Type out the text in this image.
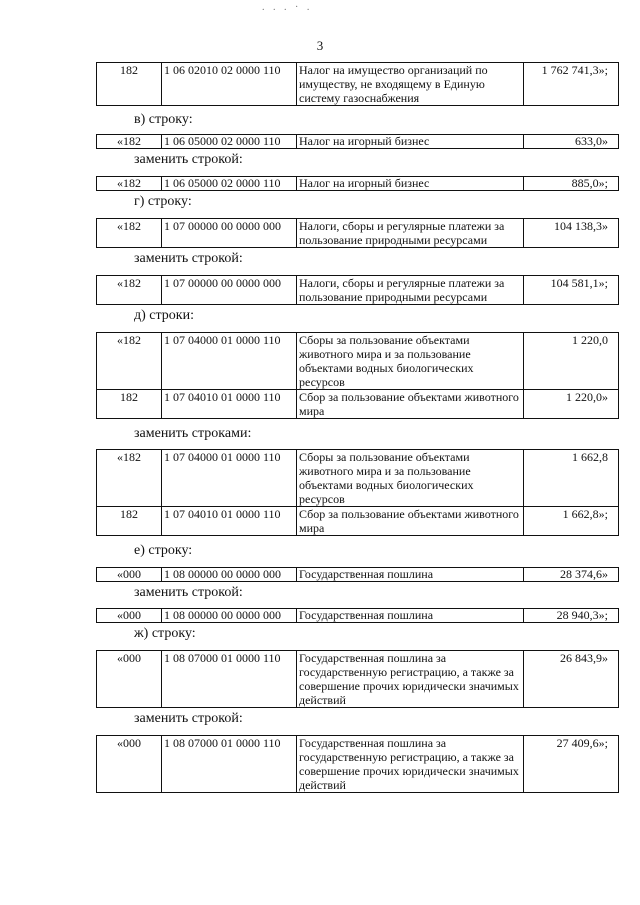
. . . · .
3
182	1 06 02010 02 0000 110	Налог на имущество организаций по имуществу, не входящему в Единую систему газоснабжения	1 762 741,3»;
в) строку:
«182	1 06 05000 02 0000 110	Налог на игорный бизнес	633,0»
заменить строкой:
«182	1 06 05000 02 0000 110	Налог на игорный бизнес	885,0»;
г) строку:
«182	1 07 00000 00 0000 000	Налоги, сборы и регулярные платежи за пользование природными ресурсами	104 138,3»
заменить строкой:
«182	1 07 00000 00 0000 000	Налоги, сборы и регулярные платежи за пользование природными ресурсами	104 581,1»;
д) строки:
«182	1 07 04000 01 0000 110	Сборы за пользование объектами животного мира и за пользование объектами водных биологических ресурсов	1 220,0
182	1 07 04010 01 0000 110	Сбор за пользование объектами животного мира	1 220,0»
заменить строками:
«182	1 07 04000 01 0000 110	Сборы за пользование объектами животного мира и за пользование объектами водных биологических ресурсов	1 662,8
182	1 07 04010 01 0000 110	Сбор за пользование объектами животного мира	1 662,8»;
е) строку:
«000	1 08 00000 00 0000 000	Государственная пошлина	28 374,6»
заменить строкой:
«000	1 08 00000 00 0000 000	Государственная пошлина	28 940,3»;
ж) строку:
«000	1 08 07000 01 0000 110	Государственная пошлина за государственную регистрацию, а также за совершение прочих юридически значимых действий	26 843,9»
заменить строкой:
«000	1 08 07000 01 0000 110	Государственная пошлина за государственную регистрацию, а также за совершение прочих юридически значимых действий	27 409,6»;
